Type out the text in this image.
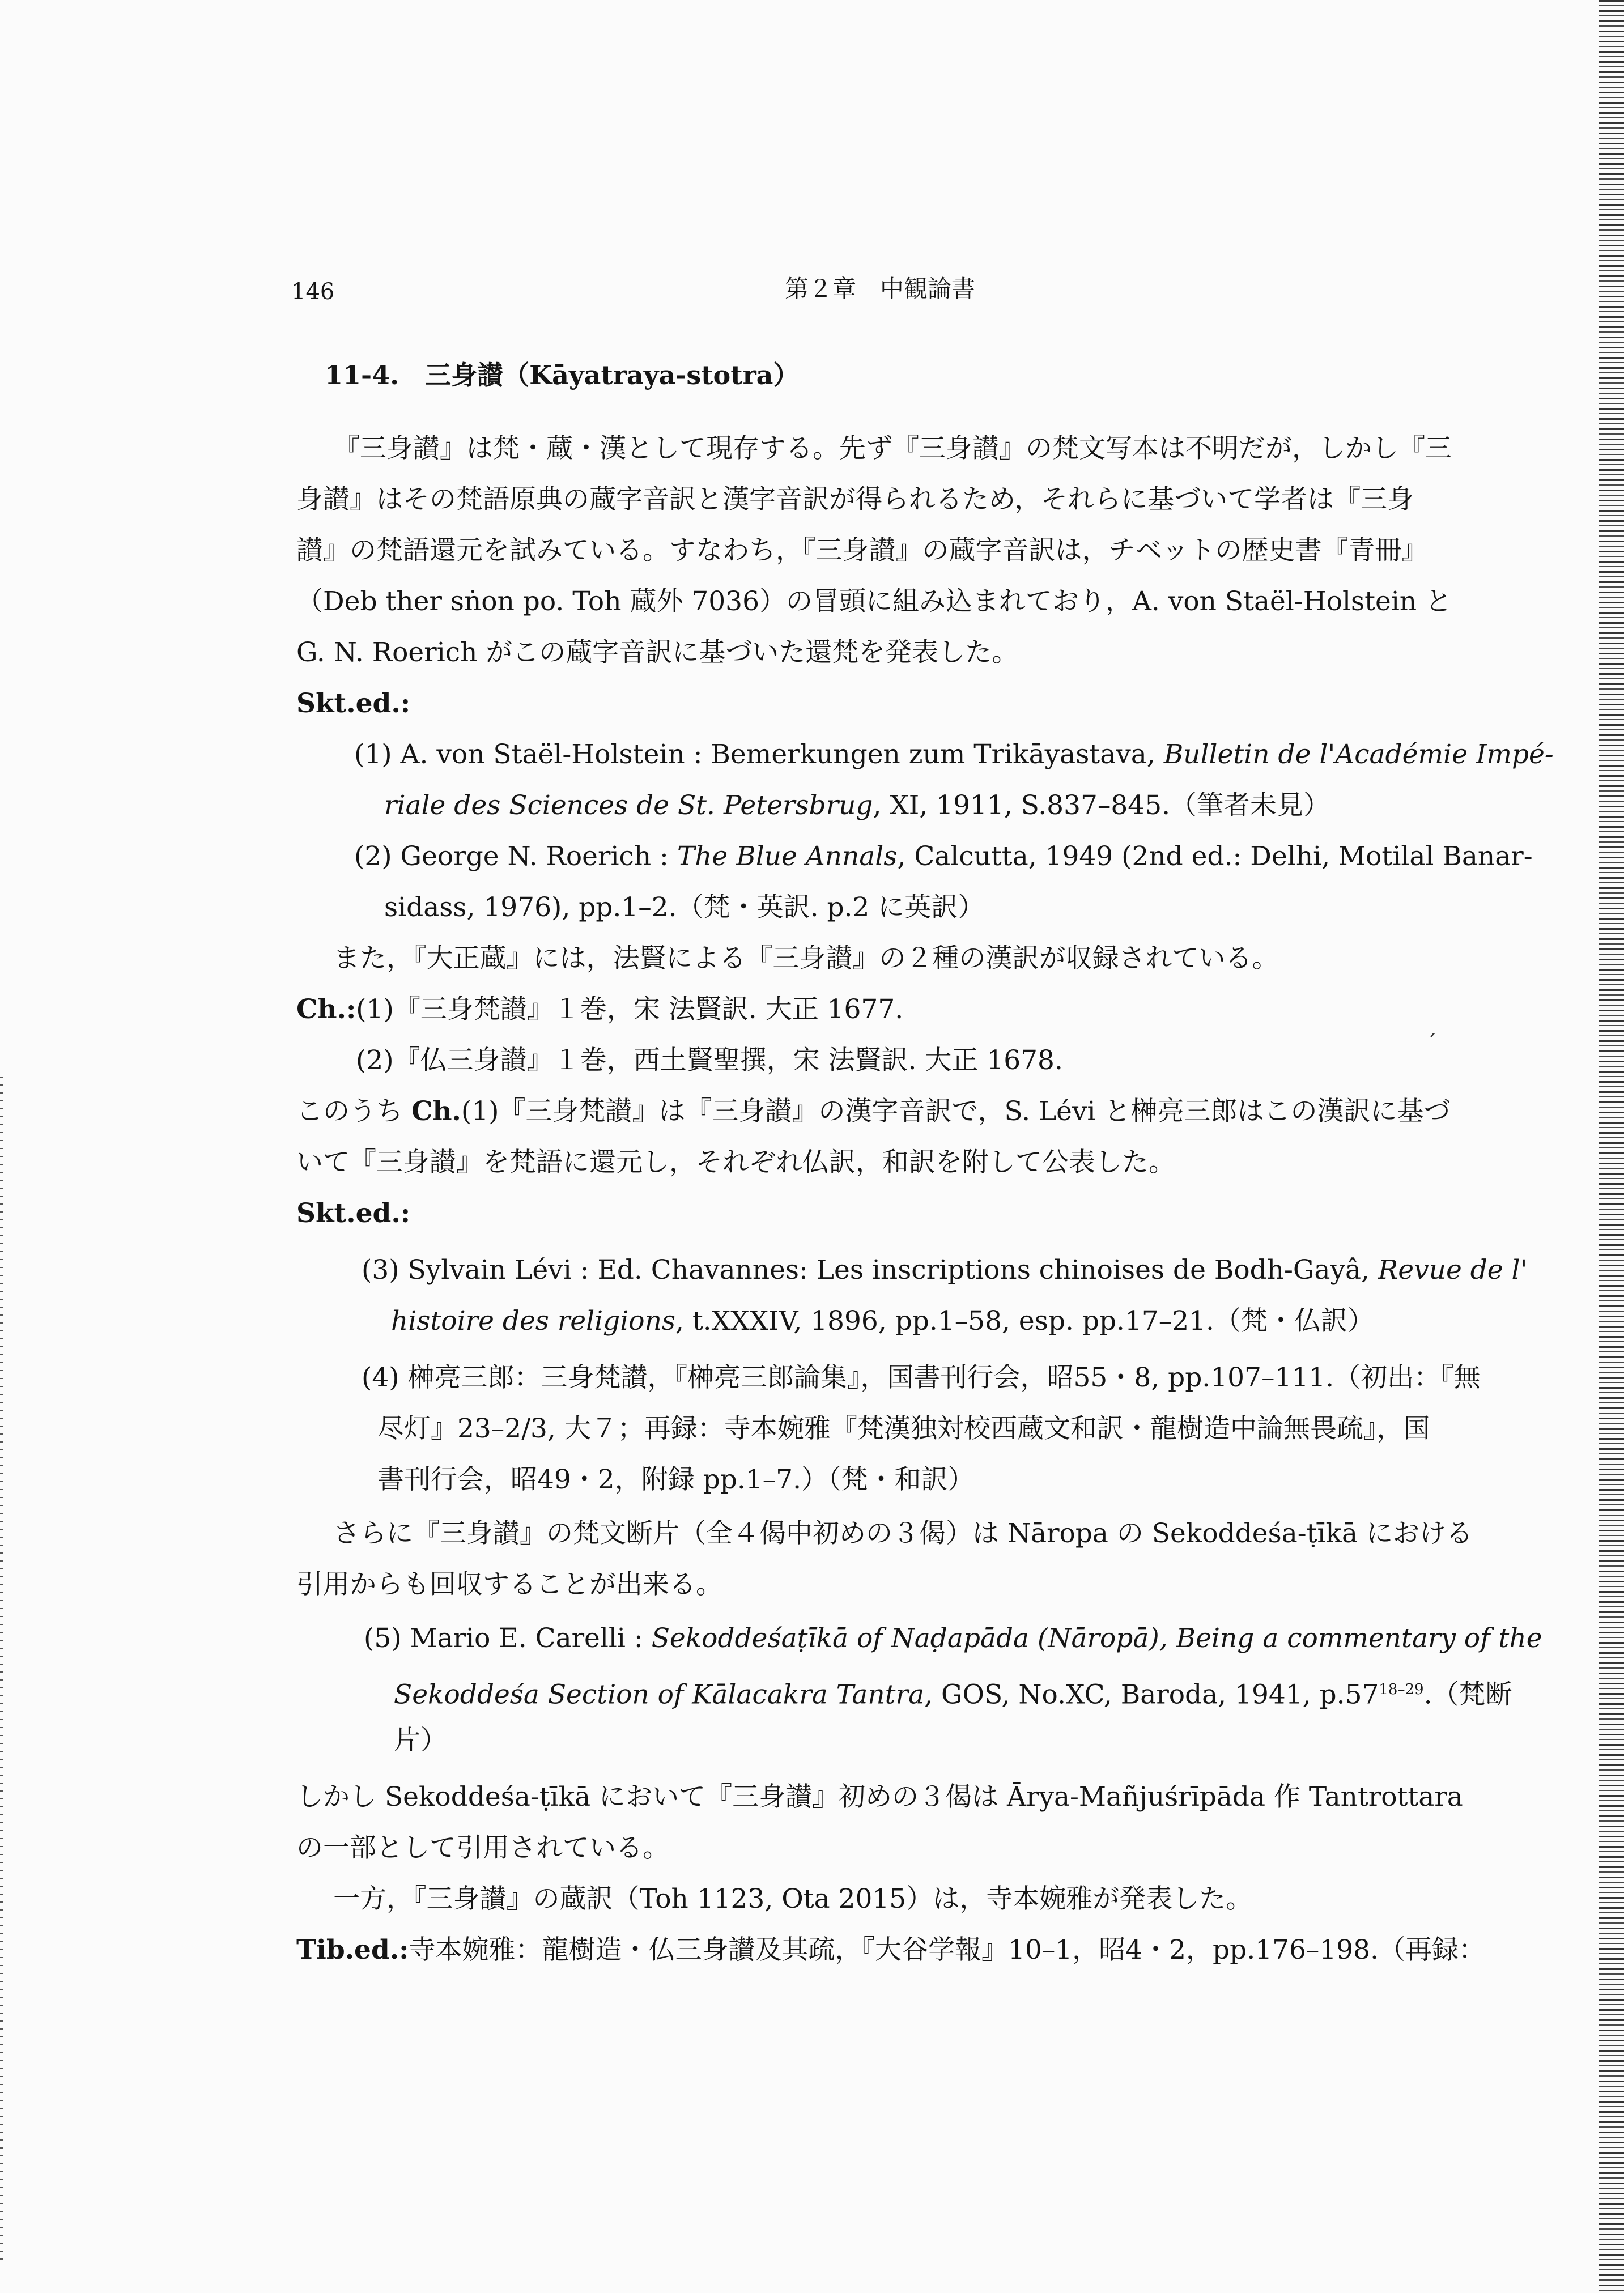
146	第２章　中観論書
11-4.　三身讃（Kāyatraya-stotra）
『三身讃』は梵・蔵・漢として現存する。先ず『三身讃』の梵文写本は不明だが，しかし『三
身讃』はその梵語原典の蔵字音訳と漢字音訳が得られるため，それらに基づいて学者は『三身
讃』の梵語還元を試みている。すなわち，『三身讃』の蔵字音訳は，チベットの歴史書『青冊』
（Deb ther sṅon po. Toh 蔵外 7036）の冒頭に組み込まれており，A. von Staël-Holstein と
G. N. Roerich がこの蔵字音訳に基づいた還梵を発表した。
Skt.ed.:
(1) A. von Staël-Holstein : Bemerkungen zum Trikāyastava, Bulletin de l'Académie Impé-
riale des Sciences de St. Petersbrug, XI, 1911, S.837–845.（筆者未見）
(2) George N. Roerich : The Blue Annals, Calcutta, 1949 (2nd ed.: Delhi, Motilal Banar-
sidass, 1976), pp.1–2.（梵・英訳. p.2 に英訳）
また，『大正蔵』には，法賢による『三身讃』の２種の漢訳が収録されている。
Ch.:(1)『三身梵讃』１巻，宋 法賢訳. 大正 1677.
ˊ
(2)『仏三身讃』１巻，西土賢聖撰，宋 法賢訳. 大正 1678.
このうち Ch.(1)『三身梵讃』は『三身讃』の漢字音訳で，S. Lévi と榊亮三郎はこの漢訳に基づ
いて『三身讃』を梵語に還元し，それぞれ仏訳，和訳を附して公表した。
Skt.ed.:
(3) Sylvain Lévi : Ed. Chavannes: Les inscriptions chinoises de Bodh-Gayâ, Revue de l'
histoire des religions, t.XXXIV, 1896, pp.1–58, esp. pp.17–21.（梵・仏訳）
(4) 榊亮三郎：三身梵讃，『榊亮三郎論集』，国書刊行会，昭55・8, pp.107–111.（初出：『無
尽灯』23–2/3, 大７；再録：寺本婉雅『梵漢独対校西蔵文和訳・龍樹造中論無畏疏』，国
書刊行会，昭49・2，附録 pp.1–7.）（梵・和訳）
さらに『三身讃』の梵文断片（全４偈中初めの３偈）は Nāropa の Sekoddeśa-ṭīkā における
引用からも回収することが出来る。
(5) Mario E. Carelli : Sekoddeśaṭīkā of Naḍapāda (Nāropā), Being a commentary of the
Sekoddeśa Section of Kālacakra Tantra, GOS, No.XC, Baroda, 1941, p.57$^{18-29}$.（梵断
片）
しかし Sekoddeśa-ṭīkā において『三身讃』初めの３偈は Ārya-Mañjuśrīpāda 作 Tantrottara
の一部として引用されている。
一方，『三身讃』の蔵訳（Toh 1123, Ota 2015）は，寺本婉雅が発表した。
Tib.ed.:寺本婉雅：龍樹造・仏三身讃及其疏，『大谷学報』10–1，昭4・2，pp.176–198.（再録：
